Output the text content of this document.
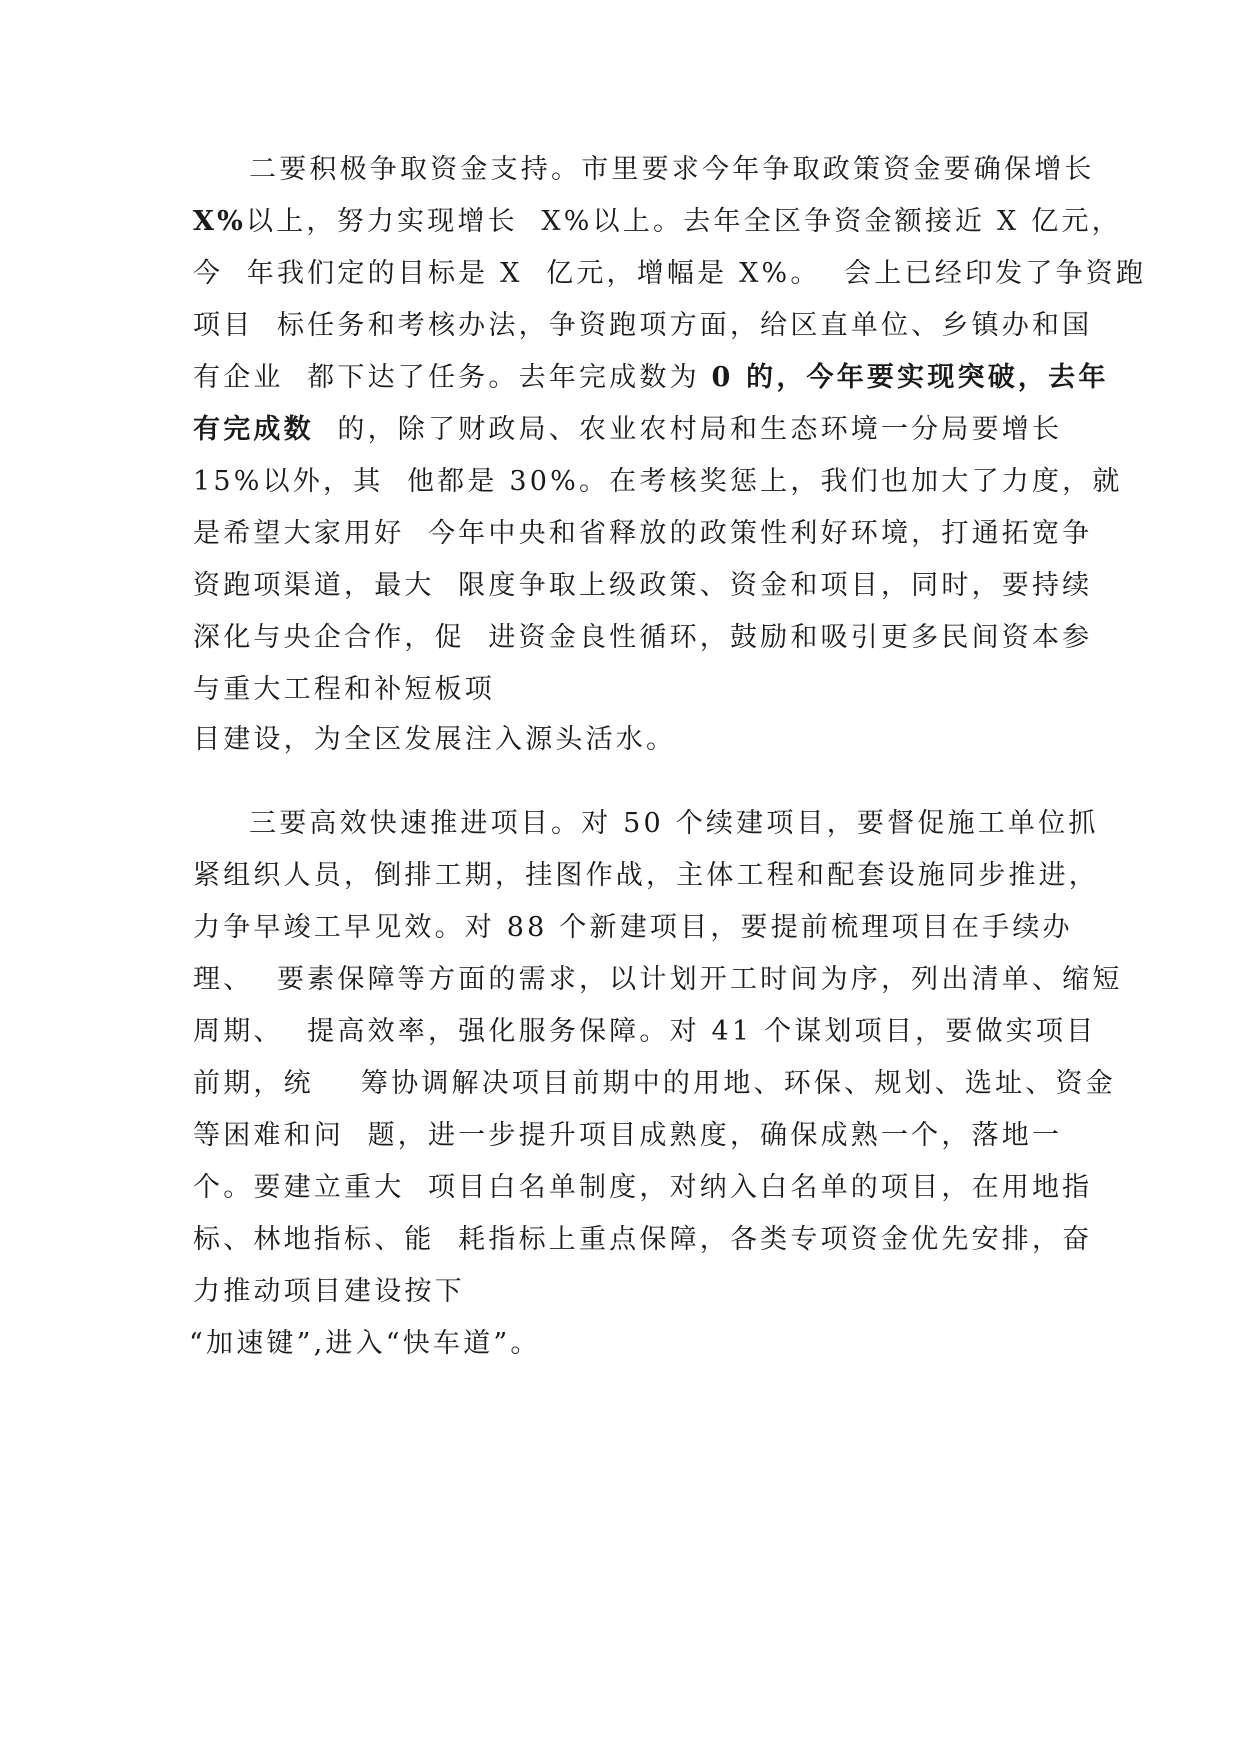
二要积极争取资金支持。市里要求今年争取政策资金要确保增长
X%以上，努力实现增长  X%以上。去年全区争资金额接近 X 亿元，
今  年我们定的目标是 X  亿元，增幅是 X%。  会上已经印发了争资跑
项目  标任务和考核办法，争资跑项方面，给区直单位、乡镇办和国
有企业  都下达了任务。去年完成数为 0 的，今年要实现突破，去年
有完成数  的，除了财政局、农业农村局和生态环境一分局要增长
15%以外，其  他都是 30%。在考核奖惩上，我们也加大了力度，就
是希望大家用好  今年中央和省释放的政策性利好环境，打通拓宽争
资跑项渠道，最大  限度争取上级政策、资金和项目，同时，要持续
深化与央企合作，促  进资金良性循环，鼓励和吸引更多民间资本参
与重大工程和补短板项
目建设，为全区发展注入源头活水。
三要高效快速推进项目。对 50 个续建项目，要督促施工单位抓
紧组织人员，倒排工期，挂图作战，主体工程和配套设施同步推进，
力争早竣工早见效。对 88 个新建项目，要提前梳理项目在手续办
理、  要素保障等方面的需求，以计划开工时间为序，列出清单、缩短
周期、  提高效率，强化服务保障。对 41 个谋划项目，要做实项目
前期，统    筹协调解决项目前期中的用地、环保、规划、选址、资金
等困难和问  题，进一步提升项目成熟度，确保成熟一个，落地一
个。要建立重大  项目白名单制度，对纳入白名单的项目，在用地指
标、林地指标、能  耗指标上重点保障，各类专项资金优先安排，奋
力推动项目建设按下
“加速键”,进入“快车道”。
